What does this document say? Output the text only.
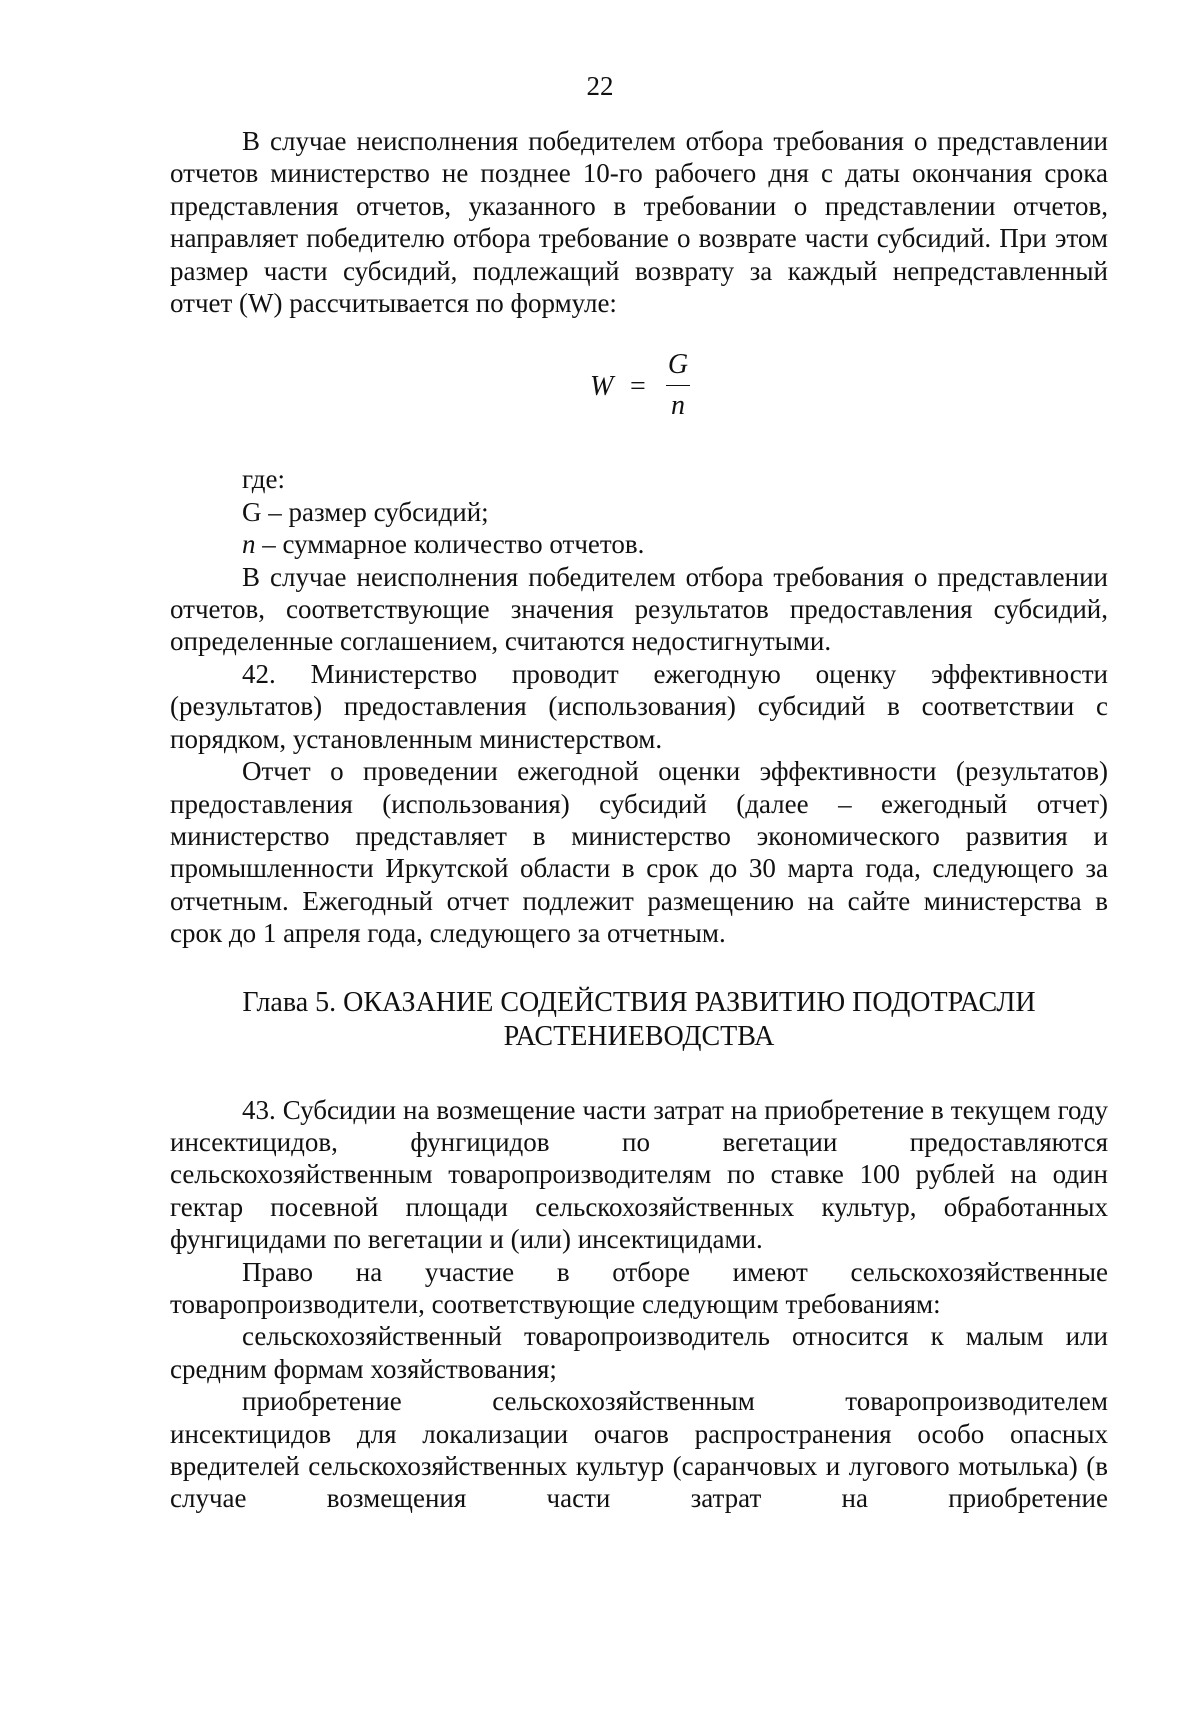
22
В случае неисполнения победителем отбора требования о представлении отчетов министерство не позднее 10-го рабочего дня с даты окончания срока представления отчетов, указанного в требовании о представлении отчетов, направляет победителю отбора требование о возврате части субсидий. При этом размер части субсидий, подлежащий возврату за каждый непредставленный отчет (W) рассчитывается по формуле:
W =
G
n
где:
G – размер субсидий;
n – суммарное количество отчетов.
В случае неисполнения победителем отбора требования о представлении отчетов, соответствующие значения результатов предоставления субсидий, определенные соглашением, считаются недостигнутыми.
42. Министерство проводит ежегодную оценку эффективности (результатов) предоставления (использования) субсидий в соответствии с порядком, установленным министерством.
Отчет о проведении ежегодной оценки эффективности (результатов) предоставления (использования) субсидий (далее – ежегодный отчет) министерство представляет в министерство экономического развития и промышленности Иркутской области в срок до 30 марта года, следующего за отчетным. Ежегодный отчет подлежит размещению на сайте министерства в срок до 1 апреля года, следующего за отчетным.
Глава 5. ОКАЗАНИЕ СОДЕЙСТВИЯ РАЗВИТИЮ ПОДОТРАСЛИ
РАСТЕНИЕВОДСТВА
43. Субсидии на возмещение части затрат на приобретение в текущем году инсектицидов, фунгицидов по вегетации предоставляются сельскохозяйственным товаропроизводителям по ставке 100 рублей на один гектар посевной площади сельскохозяйственных культур, обработанных фунгицидами по вегетации и (или) инсектицидами.
Право на участие в отборе имеют сельскохозяйственные товаропроизводители, соответствующие следующим требованиям:
сельскохозяйственный товаропроизводитель относится к малым или средним формам хозяйствования;
приобретение сельскохозяйственным товаропроизводителем инсектицидов для локализации очагов распространения особо опасных вредителей сельскохозяйственных культур (саранчовых и лугового мотылька) (в случае возмещения части затрат на приобретение
